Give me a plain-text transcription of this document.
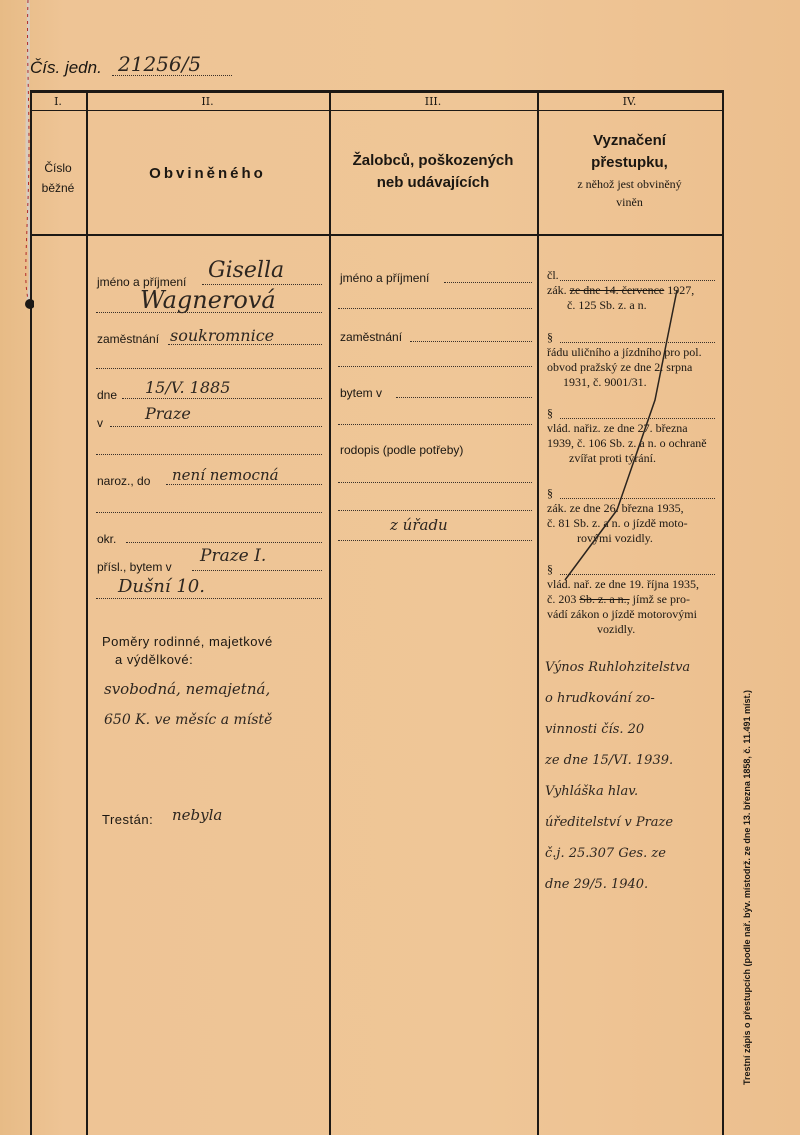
Čís. jedn. 21256/5
I.	II.	III.	IV.
Číslo
běžné
Obviněného
Žalobců, poškozených
neb udávajících
Vyznačení
přestupku,
z něhož jest obviněný
viněn
jméno a příjmení Gisella
Wagnerová
zaměstnání soukromnice
dne 15/V. 1885
v	Praze
naroz., do není nemocná
okr.
přísl., bytem v
Praze I.
Dušní 10.
Poměry rodinné, majetkové
a výdělkové:
svobodná, nemajetná,
650 K. ve měsíc a místě
Trestán: nebyla
jméno a příjmení
zaměstnání
bytem v
rodopis (podle potřeby)
z úřadu
čl.
zák. ze dne 14. července 1927,
č. 125 Sb. z. a n.
§
řádu uličního a jízdního pro pol.
obvod pražský ze dne 2. srpna
1931, č. 9001/31.
§
vlád. nařiz. ze dne 27. března
1939, č. 106 Sb. z. a n. o ochraně
zvířat proti týrání.
§
zák. ze dne 26. března 1935,
č. 81 Sb. z. a n. o jízdě moto-
rovými vozidly.
§
vlád. nař. ze dne 19. října 1935,
č. 203 Sb. z. a n., jímž se pro-
vádí zákon o jízdě motorovými
vozidly.
Výnos Ruhlohzitelstva
o hrudkování zo-
vinnosti čís. 20
ze dne 15/VI. 1939.
Vyhláška hlav.
úředitelství v Praze
č.j. 25.307 Ges. ze
dne 29/5. 1940.	Trestní zápis o přestupcích (podle nař. býv. místodrž. ze dne 13. března 1858, č. 11.491 míst.)
